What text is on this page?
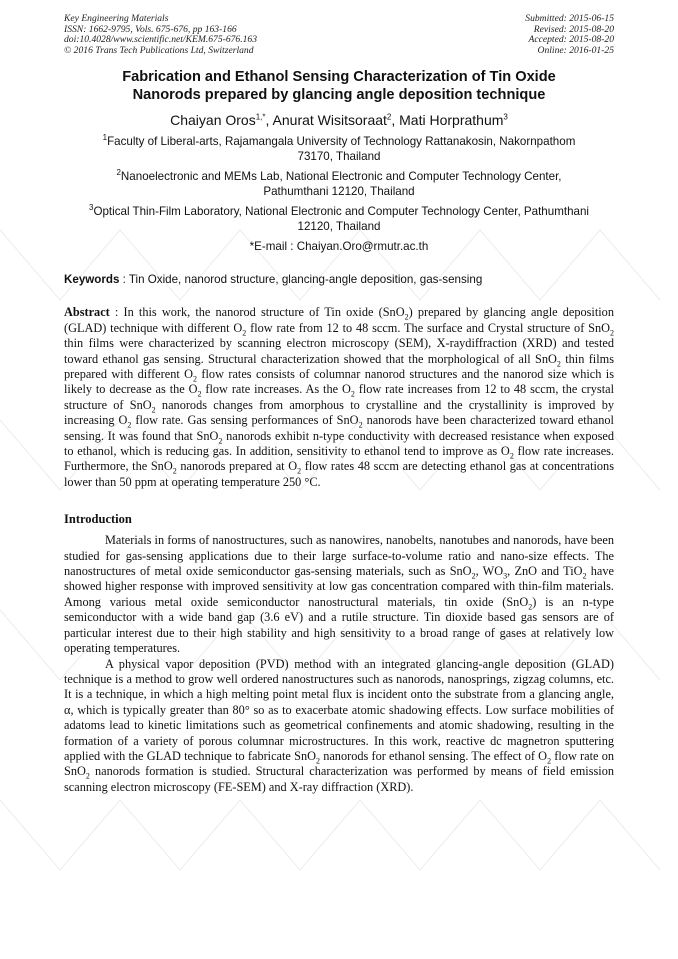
Key Engineering Materials
ISSN: 1662-9795, Vols. 675-676, pp 163-166
doi:10.4028/www.scientific.net/KEM.675-676.163
© 2016 Trans Tech Publications Ltd, Switzerland
Submitted: 2015-06-15
Revised: 2015-08-20
Accepted: 2015-08-20
Online: 2016-01-25
Fabrication and Ethanol Sensing Characterization of Tin Oxide
Nanorods prepared by glancing angle deposition technique
Chaiyan Oros$^{1,*}$, Anurat Wisitsoraat$^2$, Mati Horprathum$^3$
$^1$Faculty of Liberal-arts, Rajamangala University of Technology Rattanakosin, Nakornpathom
73170, Thailand
$^2$Nanoelectronic and MEMs Lab, National Electronic and Computer Technology Center,
Pathumthani 12120, Thailand
$^3$Optical Thin-Film Laboratory, National Electronic and Computer Technology Center, Pathumthani
12120, Thailand
*E-mail : Chaiyan.Oro@rmutr.ac.th
Keywords : Tin Oxide, nanorod structure, glancing-angle deposition, gas-sensing
Abstract : In this work, the nanorod structure of Tin oxide (SnO$_2$) prepared by glancing angle deposition (GLAD) technique with different $O_2$ flow rate from 12 to 48 sccm. The surface and Crystal structure of SnO$_2$ thin films were characterized by scanning electron microscopy (SEM), X-raydiffraction (XRD) and tested toward ethanol gas sensing. Structural characterization showed that the morphological of all SnO$_2$ thin films prepared with different $O_2$ flow rates consists of columnar nanorod structures and the nanorod size which is likely to decrease as the $O_2$ flow rate increases. As the $O_2$ flow rate increases from 12 to 48 sccm, the crystal structure of SnO$_2$ nanorods changes from amorphous to crystalline and the crystallinity is improved by increasing $O_2$ flow rate. Gas sensing performances of SnO$_2$ nanorods have been characterized toward ethanol sensing. It was found that SnO$_2$ nanorods exhibit n-type conductivity with decreased resistance when exposed to ethanol, which is reducing gas. In addition, sensitivity to ethanol tend to improve as $O_2$ flow rate increases. Furthermore, the SnO$_2$ nanorods prepared at $O_2$ flow rates 48 sccm are detecting ethanol gas at concentrations lower than 50 ppm at operating temperature 250 °C.
Introduction

Materials in forms of nanostructures, such as nanowires, nanobelts, nanotubes and nanorods, have been studied for gas-sensing applications due to their large surface-to-volume ratio and nano-size effects. The nanostructures of metal oxide semiconductor gas-sensing materials, such as SnO$_2$, $WO_3$, ZnO and TiO$_2$ have showed higher response with improved sensitivity at low gas concentration compared with thin-film materials. Among various metal oxide semiconductor nanostructural materials, tin oxide (SnO$_2$) is an n-type semiconductor with a wide band gap (3.6 eV) and a rutile structure. Tin dioxide based gas sensors are of particular interest due to their high stability and high sensitivity to a broad range of gases at relatively low operating temperatures.

A physical vapor deposition (PVD) method with an integrated glancing-angle deposition (GLAD) technique is a method to grow well ordered nanostructures such as nanorods, nanosprings, zigzag columns, etc. It is a technique, in which a high melting point metal flux is incident onto the substrate from a glancing angle, α, which is typically greater than 80° so as to exacerbate atomic shadowing effects. Low surface mobilities of adatoms lead to kinetic limitations such as geometrical confinements and atomic shadowing, resulting in the formation of a variety of porous columnar microstructures. In this work, reactive dc magnetron sputtering applied with the GLAD technique to fabricate SnO$_2$ nanorods for ethanol sensing. The effect of $O_2$ flow rate on SnO$_2$ nanorods formation is studied. Structural characterization was performed by means of field emission scanning electron microscopy (FE-SEM) and X-ray diffraction (XRD).
